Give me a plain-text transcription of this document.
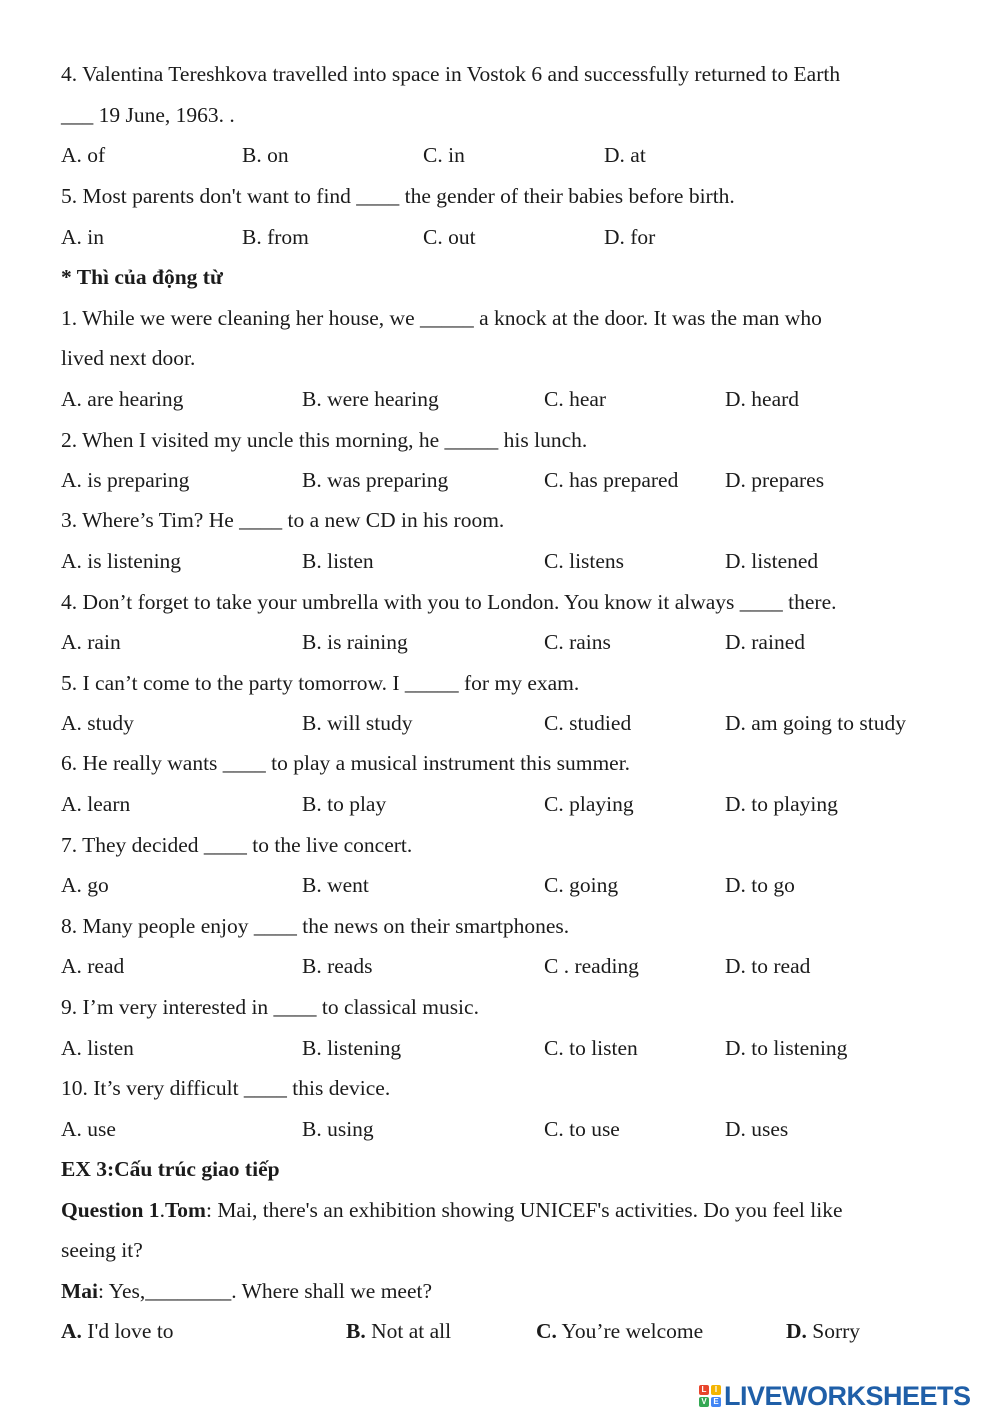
4. Valentina Tereshkova travelled into space in Vostok 6 and successfully returned to Earth
___ 19 June, 1963. .
A. of	B. on	C. in	D. at
5. Most parents don't want to find ____ the gender of their babies before birth.
A. in	B. from	C. out	D. for
* Thì của động từ
1. While we were cleaning her house, we _____ a knock at the door. It was the man who
lived next door.
A. are hearing	B. were hearing	C. hear	D. heard
2. When I visited my uncle this morning, he _____ his lunch.
A. is preparing	B. was preparing	C. has prepared D. prepares
3. Where’s Tim? He ____ to a new CD in his room.
A. is listening	B. listen	C. listens	D. listened
4. Don’t forget to take your umbrella with you to London. You know it always ____ there.
A. rain	B. is raining	C. rains	D. rained
5. I can’t come to the party tomorrow. I _____ for my exam.
A. study	B. will study	C. studied	D. am going to study
6. He really wants ____ to play a musical instrument this summer.
A. learn	B. to play	C. playing	D. to playing
7. They decided ____ to the live concert.
A. go	B. went	C. going	D. to go
8. Many people enjoy ____ the news on their smartphones.
A. read	B. reads	C . reading	D. to read
9. I’m very interested in ____ to classical music.
A. listen	B. listening	C. to listen	D. to listening
10. It’s very difficult ____ this device.
A. use	B. using	C. to use	D. uses
EX 3:Cấu trúc giao tiếp
Question 1.Tom: Mai, there's an exhibition showing UNICEF's activities. Do you feel like
seeing it?
Mai: Yes,________. Where shall we meet?
A. I'd love to	B. Not at all	C. You’re welcome	D. Sorry
L	I
V E LIVEWORKSHEETS
